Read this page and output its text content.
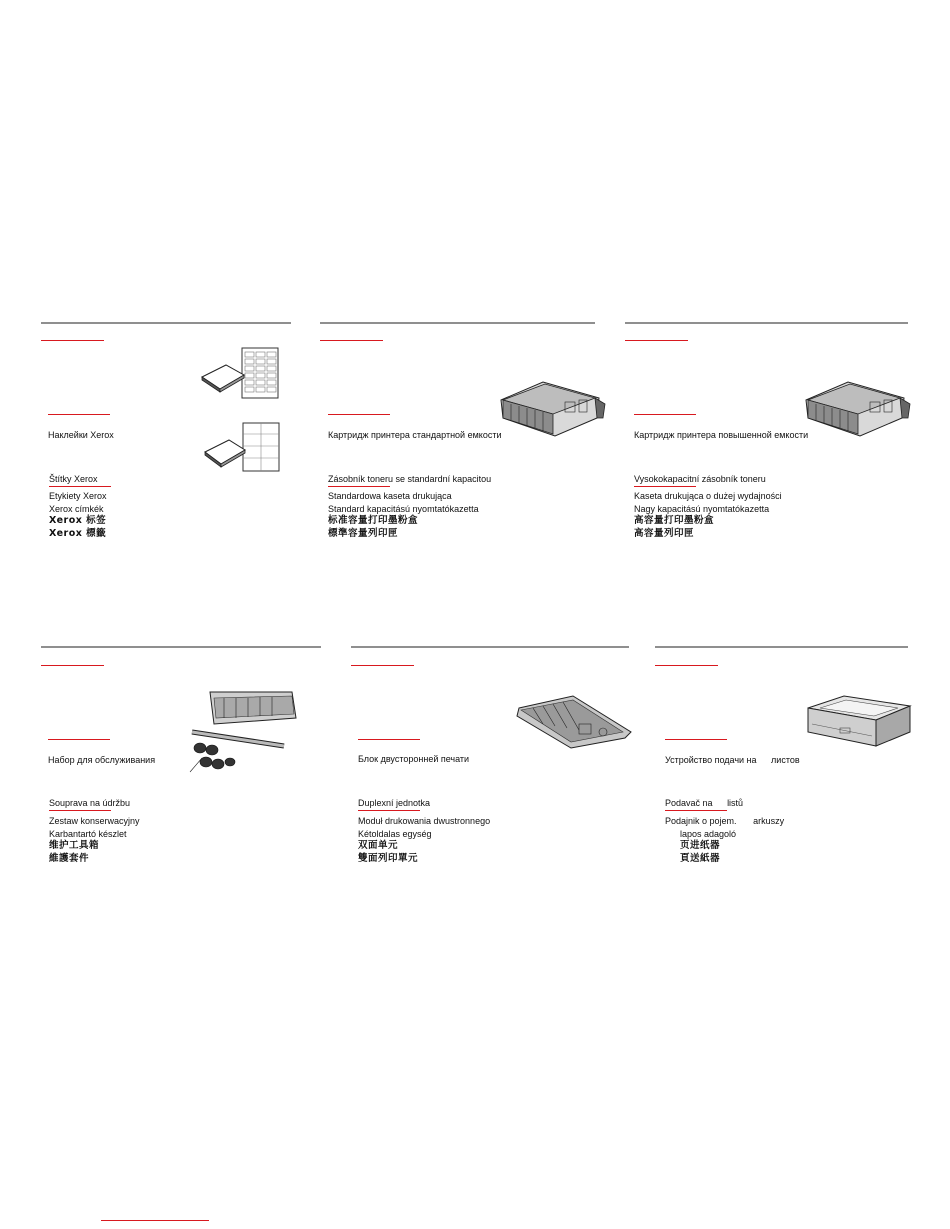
Наклейки Xerox
Štítky Xerox
Etykiety Xerox
Xerox címkék
Xerox 标签
Xerox 標籤
Картридж принтера стандартной емкости
Zásobník toneru se standardní kapacitou
Standardowa kaseta drukująca
Standard kapacitású nyomtatókazetta
标准容量打印墨粉盒
標準容量列印匣
Картридж принтера повышенной емкости
Vysokokapacitní zásobník toneru
Kaseta drukująca o dużej wydajności
Nagy kapacitású nyomtatókazetta
高容量打印墨粉盒
高容量列印匣
Набор для обслуживания
Souprava na údržbu
Zestaw konserwacyjny
Karbantartó készlet
维护工具箱
維護套件
Блок двусторонней печати
Duplexní jednotka
Moduł drukowania dwustronnego
Kétoldalas egység
双面单元
雙面列印單元
Устройство подачи на листов
Podavač na listů
Podajnik o pojem. arkuszy
lapos adagoló
页进纸器
頁送紙器
